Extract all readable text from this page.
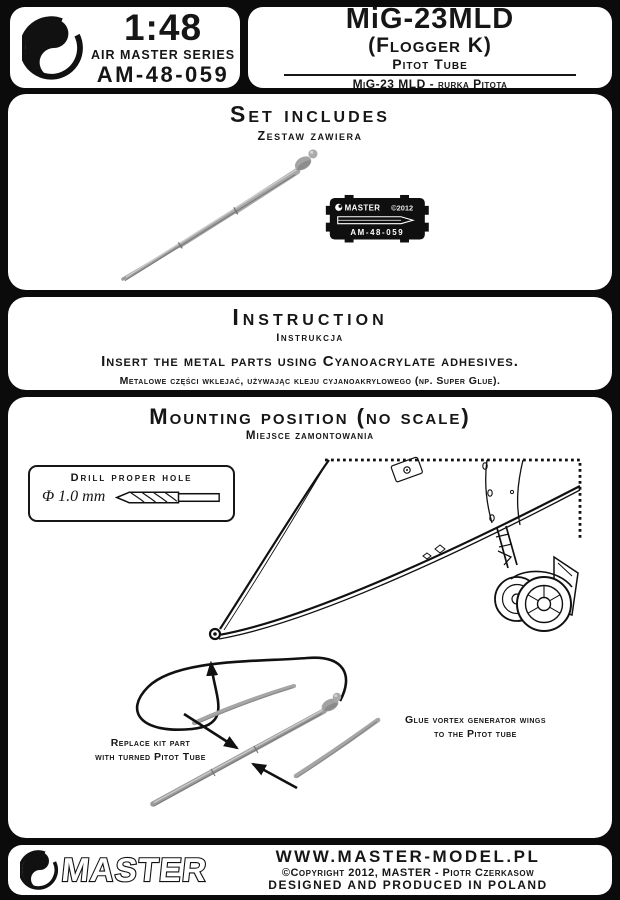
1:48
AIR MASTER SERIES
AM-48-059
MiG-23MLD
(Flogger K)
Pitot Tube
MiG-23 MLD - rurka Pitota
Set includes
Zestaw zawiera
MASTER ©2012
AM-48-059
Instruction
Instrukcja
Insert the metal parts using Cyanoacrylate adhesives.
Metalowe części wklejać, używając kleju cyjanoakrylowego (np. Super Glue).
Mounting position (no scale)
Miejsce zamontowania
Drill proper hole
Φ 1.0 mm
Replace kit part
with turned Pitot Tube
Glue vortex generator wings
to the Pitot tube
MASTER	WWW.MASTER-MODEL.PL
©Copyright 2012, MASTER - Piotr Czerkasow
DESIGNED AND PRODUCED IN POLAND
